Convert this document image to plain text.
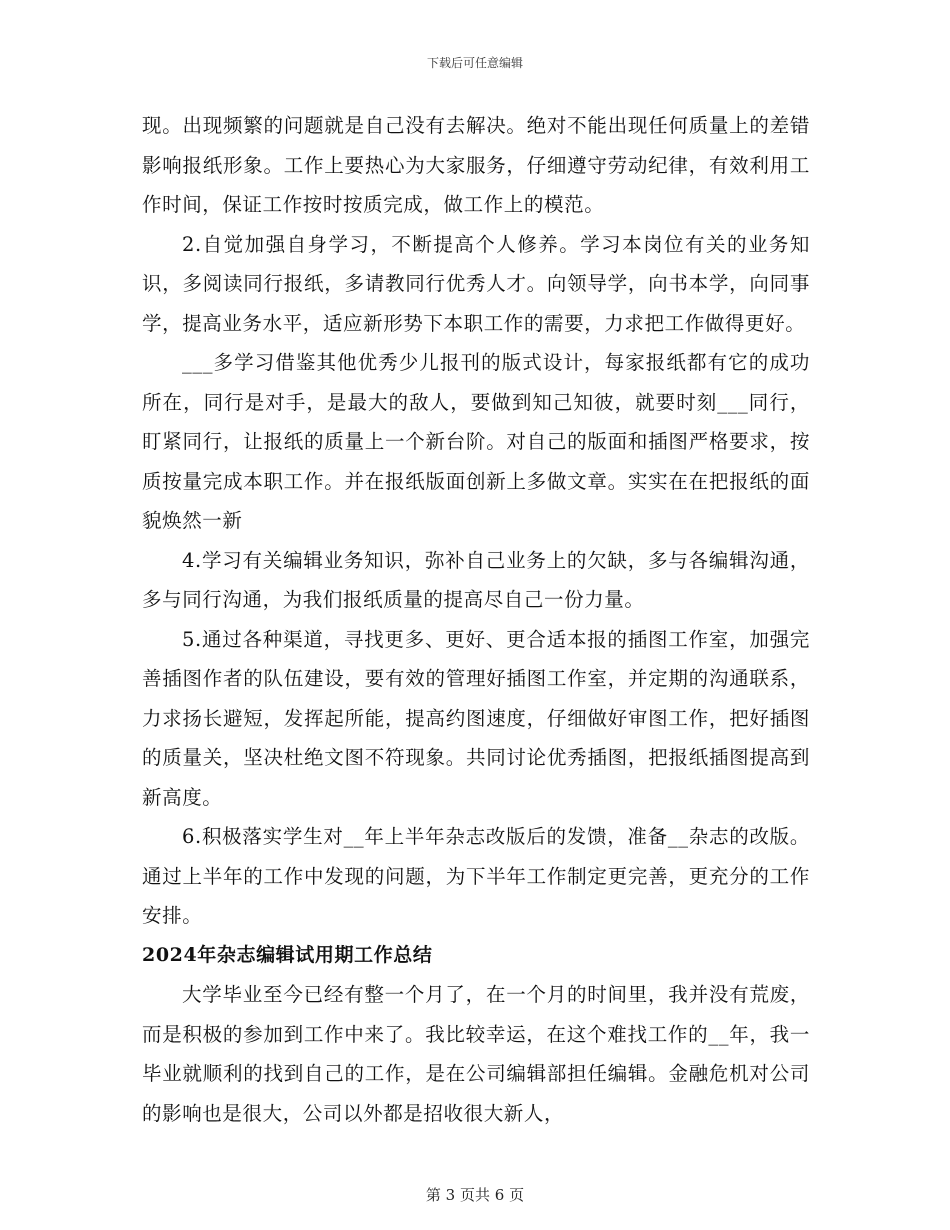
下载后可任意编辑

现。出现频繁的问题就是自己没有去解决。绝对不能出现任何质量上的差错影响报纸形象。工作上要热心为大家服务，仔细遵守劳动纪律，有效利用工作时间，保证工作按时按质完成，做工作上的模范。

2.自觉加强自身学习，不断提高个人修养。学习本岗位有关的业务知识，多阅读同行报纸，多请教同行优秀人才。向领导学，向书本学，向同事学，提高业务水平，适应新形势下本职工作的需要，力求把工作做得更好。

___多学习借鉴其他优秀少儿报刊的版式设计，每家报纸都有它的成功所在，同行是对手，是最大的敌人，要做到知己知彼，就要时刻___同行，盯紧同行，让报纸的质量上一个新台阶。对自己的版面和插图严格要求，按质按量完成本职工作。并在报纸版面创新上多做文章。实实在在把报纸的面貌焕然一新

4.学习有关编辑业务知识，弥补自己业务上的欠缺，多与各编辑沟通，多与同行沟通，为我们报纸质量的提高尽自己一份力量。

5.通过各种渠道，寻找更多、更好、更合适本报的插图工作室，加强完善插图作者的队伍建设，要有效的管理好插图工作室，并定期的沟通联系，力求扬长避短，发挥起所能，提高约图速度，仔细做好审图工作，把好插图的质量关，坚决杜绝文图不符现象。共同讨论优秀插图，把报纸插图提高到新高度。

6.积极落实学生对__年上半年杂志改版后的发馈，准备__杂志的改版。通过上半年的工作中发现的问题，为下半年工作制定更完善，更充分的工作安排。

2024年杂志编辑试用期工作总结

大学毕业至今已经有整一个月了，在一个月的时间里，我并没有荒废，而是积极的参加到工作中来了。我比较幸运，在这个难找工作的__年，我一毕业就顺利的找到自己的工作，是在公司编辑部担任编辑。金融危机对公司的影响也是很大，公司以外都是招收很大新人，

第 3 页共 6 页
